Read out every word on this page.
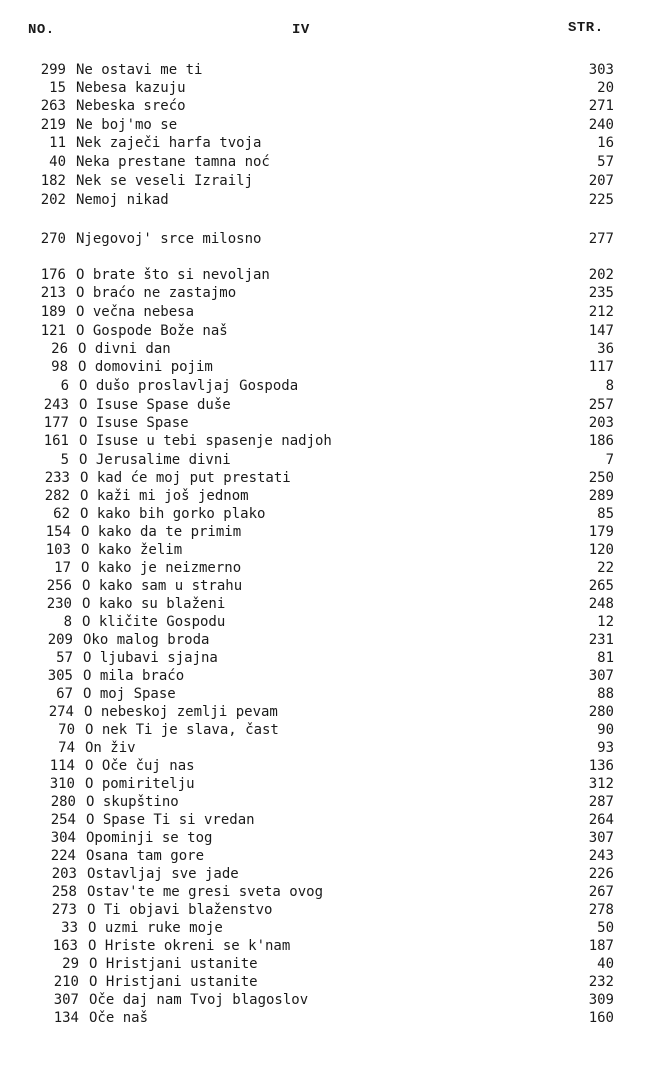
NO.	IV	STR.
299 Ne ostavi me ti	303
15 Nebesa kazuju	20
263 Nebeska srećo	271
219 Ne boj'mo se	240
11 Nek zaječi harfa tvoja	16
40 Neka prestane tamna noć	57
182 Nek se veseli Izrailj	207
202 Nemoj nikad	225
270 Njegovoj' srce milosno	277
176 O brate što si nevoljan	202
213 O braćo ne zastajmo	235
189 O večna nebesa	212
121 O Gospode Bože naš	147
26 O divni dan	36
98 O domovini pojim	117
6 O dušo proslavljaj Gospoda	8
243 O Isuse Spase duše	257
177 O Isuse Spase	203
161 O Isuse u tebi spasenje nadjoh	186
5 O Jerusalime divni	7
233 O kad će moj put prestati	250
282 O kaži mi još jednom	289
62 O kako bih gorko plako	85
154 O kako da te primim	179
103 O kako želim	120
17 O kako je neizmerno	22
256 O kako sam u strahu	265
230 O kako su blaženi	248
8 O kličite Gospodu	12
209 Oko malog broda	231
57 O ljubavi sjajna	81
305 O mila braćo	307
67 O moj Spase	88
274 O nebeskoj zemlji pevam	280
70 O nek Ti je slava, čast	90
74 On živ	93
114 O Oče čuj nas	136
310 O pomiritelju	312
280 O skupštino	287
254 O Spase Ti si vredan	264
304 Opominji se tog	307
224 Osana tam gore	243
203 Ostavljaj sve jade	226
258 Ostav'te me gresi sveta ovog	267
273 O Ti objavi blaženstvo	278
33 O uzmi ruke moje	50
163 O Hriste okreni se k'nam	187
29 O Hristjani ustanite	40
210 O Hristjani ustanite	232
307 Oče daj nam Tvoj blagoslov	309
134 Oče naš	160
